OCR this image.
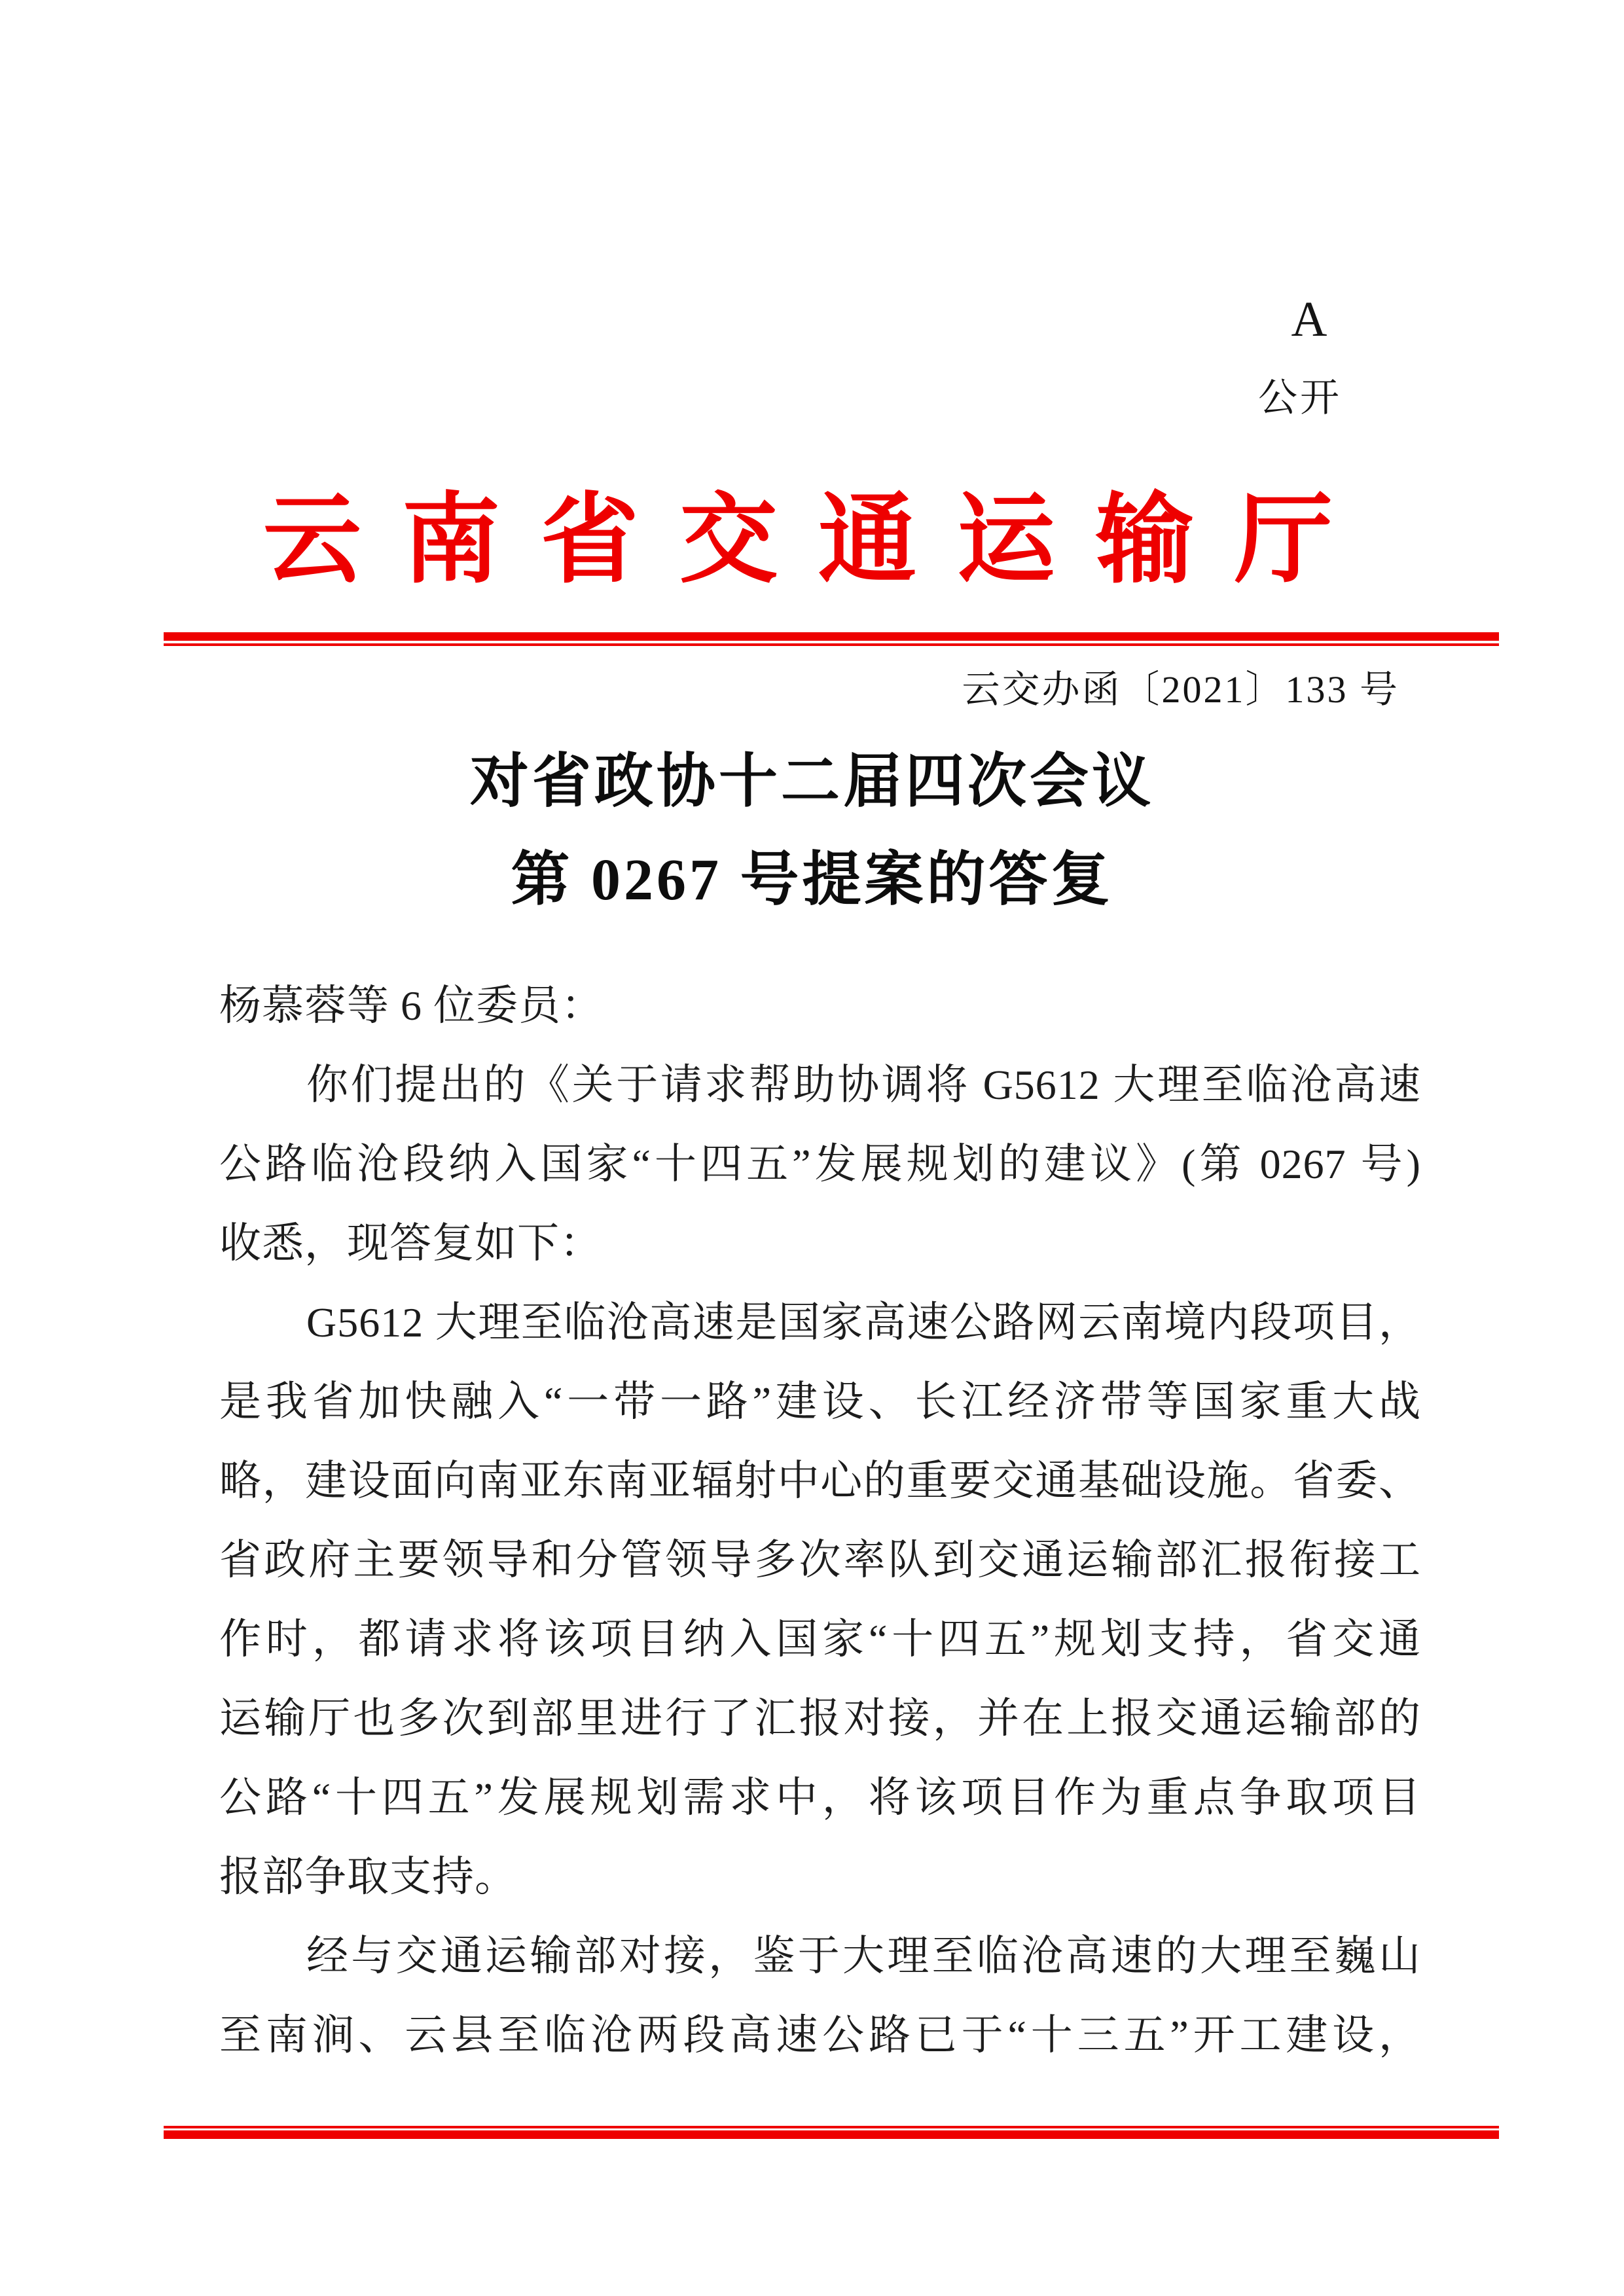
A
公开
云南省交通运输厅
云交办函〔2021〕133 号
对省政协十二届四次会议
第 0267 号提案的答复
杨慕蓉等 6 位委员：
你们提出的《关于请求帮助协调将 G5612 大理至临沧高速
公路临沧段纳入国家“十四五”发展规划的建议》(第 0267 号)
收悉，现答复如下：
G5612 大理至临沧高速是国家高速公路网云南境内段项目，
是我省加快融入“一带一路”建设、长江经济带等国家重大战
略，建设面向南亚东南亚辐射中心的重要交通基础设施。省委、
省政府主要领导和分管领导多次率队到交通运输部汇报衔接工
作时，都请求将该项目纳入国家“十四五”规划支持，省交通
运输厅也多次到部里进行了汇报对接，并在上报交通运输部的
公路“十四五”发展规划需求中，将该项目作为重点争取项目
报部争取支持。
经与交通运输部对接，鉴于大理至临沧高速的大理至巍山
至南涧、云县至临沧两段高速公路已于“十三五”开工建设，
